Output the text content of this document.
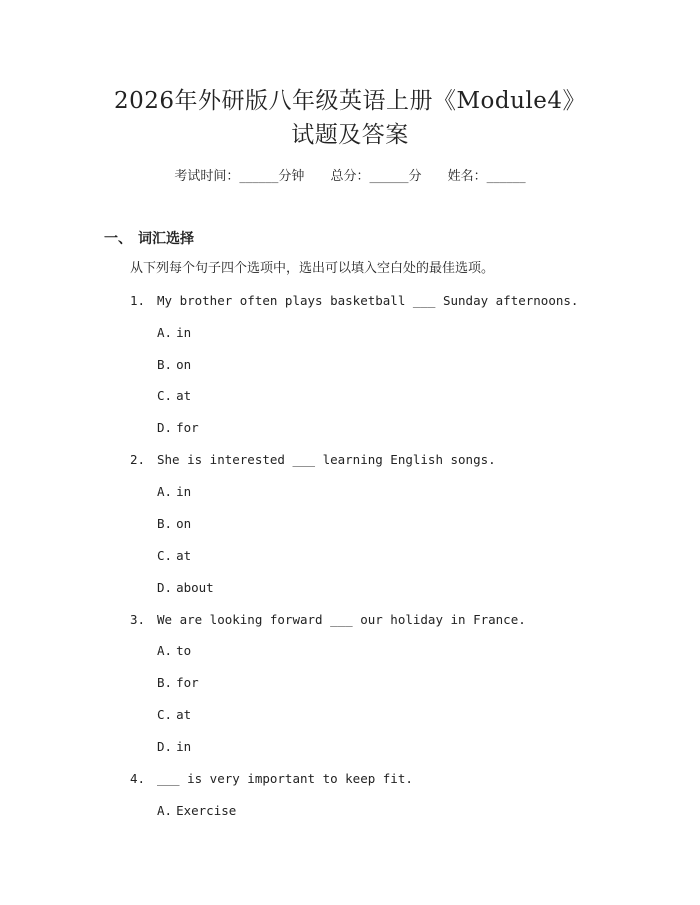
2026年外研版八年级英语上册《Module4》
试题及答案
考试时间：______分钟 总分：______分 姓名：______
一、 词汇选择
从下列每个句子四个选项中，选出可以填入空白处的最佳选项。
1. My brother often plays basketball ___ Sunday afternoons.
A. in
B. on
C. at
D. for
2. She is interested ___ learning English songs.
A. in
B. on
C. at
D. about
3. We are looking forward ___ our holiday in France.
A. to
B. for
C. at
D. in
4. ___ is very important to keep fit.
A. Exercise
